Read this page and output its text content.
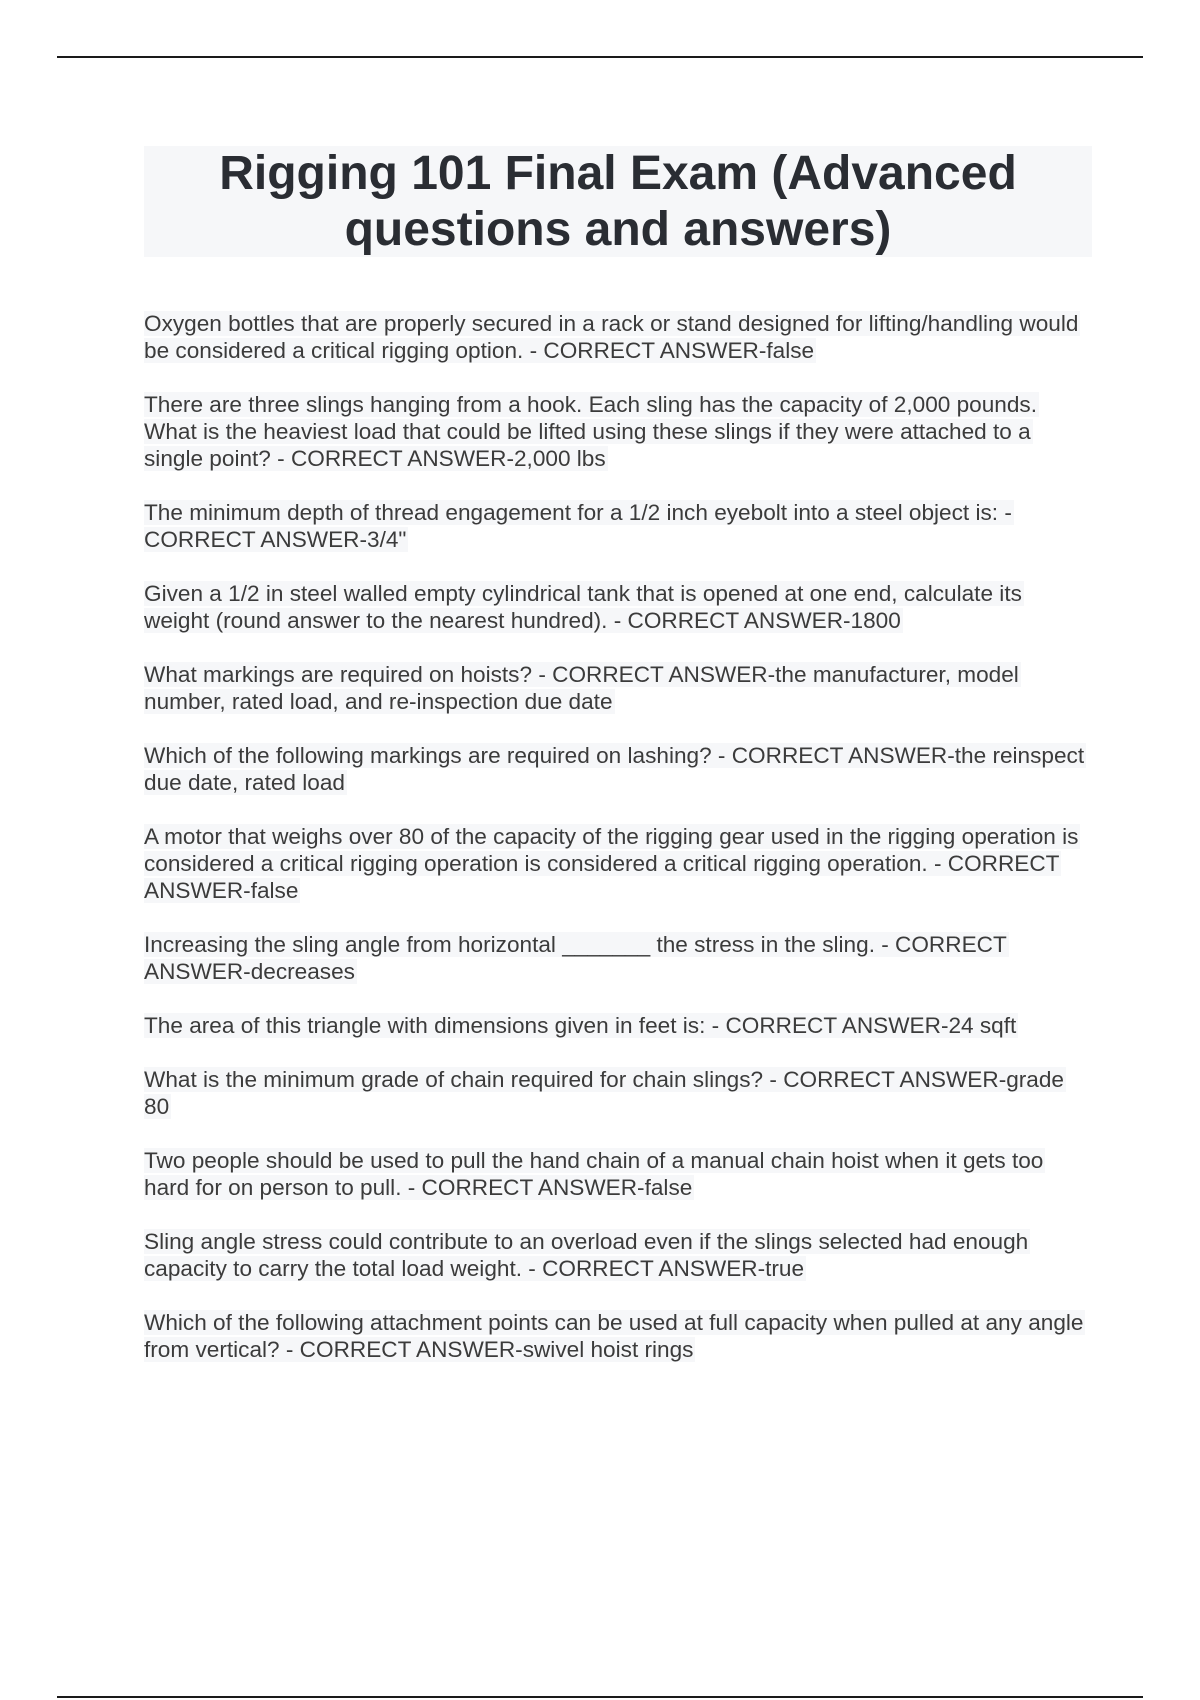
Rigging 101 Final Exam (Advanced questions and answers)

Oxygen bottles that are properly secured in a rack or stand designed for lifting/handling would be considered a critical rigging option. - CORRECT ANSWER-false

There are three slings hanging from a hook. Each sling has the capacity of 2,000 pounds. What is the heaviest load that could be lifted using these slings if they were attached to a single point? - CORRECT ANSWER-2,000 lbs

The minimum depth of thread engagement for a 1/2 inch eyebolt into a steel object is: - CORRECT ANSWER-3/4"

Given a 1/2 in steel walled empty cylindrical tank that is opened at one end, calculate its weight (round answer to the nearest hundred). - CORRECT ANSWER-1800

What markings are required on hoists? - CORRECT ANSWER-the manufacturer, model number, rated load, and re-inspection due date

Which of the following markings are required on lashing? - CORRECT ANSWER-the reinspect due date, rated load

A motor that weighs over 80 of the capacity of the rigging gear used in the rigging operation is considered a critical rigging operation is considered a critical rigging operation. - CORRECT ANSWER-false

Increasing the sling angle from horizontal _______ the stress in the sling. - CORRECT ANSWER-decreases

The area of this triangle with dimensions given in feet is: - CORRECT ANSWER-24 sqft

What is the minimum grade of chain required for chain slings? - CORRECT ANSWER-grade 80

Two people should be used to pull the hand chain of a manual chain hoist when it gets too hard for on person to pull. - CORRECT ANSWER-false

Sling angle stress could contribute to an overload even if the slings selected had enough capacity to carry the total load weight. - CORRECT ANSWER-true

Which of the following attachment points can be used at full capacity when pulled at any angle from vertical? - CORRECT ANSWER-swivel hoist rings
